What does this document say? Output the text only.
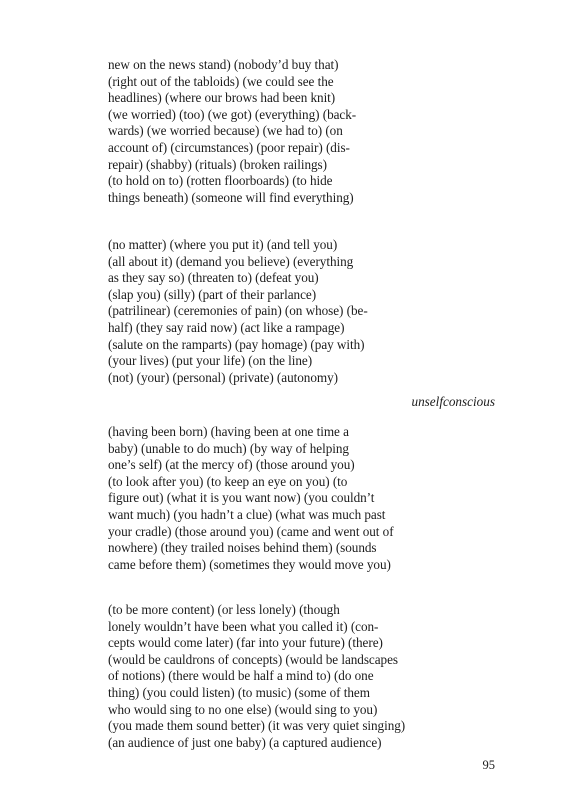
new on the news stand) (nobody’d buy that)
(right out of the tabloids) (we could see the
headlines) (where our brows had been knit)
(we worried) (too) (we got) (everything) (back-
wards) (we worried because) (we had to) (on
account of) (circumstances) (poor repair) (dis-
repair) (shabby) (rituals) (broken railings)
(to hold on to) (rotten floorboards) (to hide
things beneath) (someone will find everything)
(no matter) (where you put it) (and tell you)
(all about it) (demand you believe) (everything
as they say so) (threaten to) (defeat you)
(slap you) (silly) (part of their parlance)
(patrilinear) (ceremonies of pain) (on whose) (be-
half) (they say raid now) (act like a rampage)
(salute on the ramparts) (pay homage) (pay with)
(your lives) (put your life) (on the line)
(not) (your) (personal) (private) (autonomy)
unselfconscious
(having been born) (having been at one time a
baby) (unable to do much) (by way of helping
one’s self) (at the mercy of) (those around you)
(to look after you) (to keep an eye on you) (to
figure out) (what it is you want now) (you couldn’t
want much) (you hadn’t a clue) (what was much past
your cradle) (those around you) (came and went out of
nowhere) (they trailed noises behind them) (sounds
came before them) (sometimes they would move you)
(to be more content) (or less lonely) (though
lonely wouldn’t have been what you called it) (con-
cepts would come later) (far into your future) (there)
(would be cauldrons of concepts) (would be landscapes
of notions) (there would be half a mind to) (do one
thing) (you could listen) (to music) (some of them
who would sing to no one else) (would sing to you)
(you made them sound better) (it was very quiet singing)
(an audience of just one baby) (a captured audience)
95
